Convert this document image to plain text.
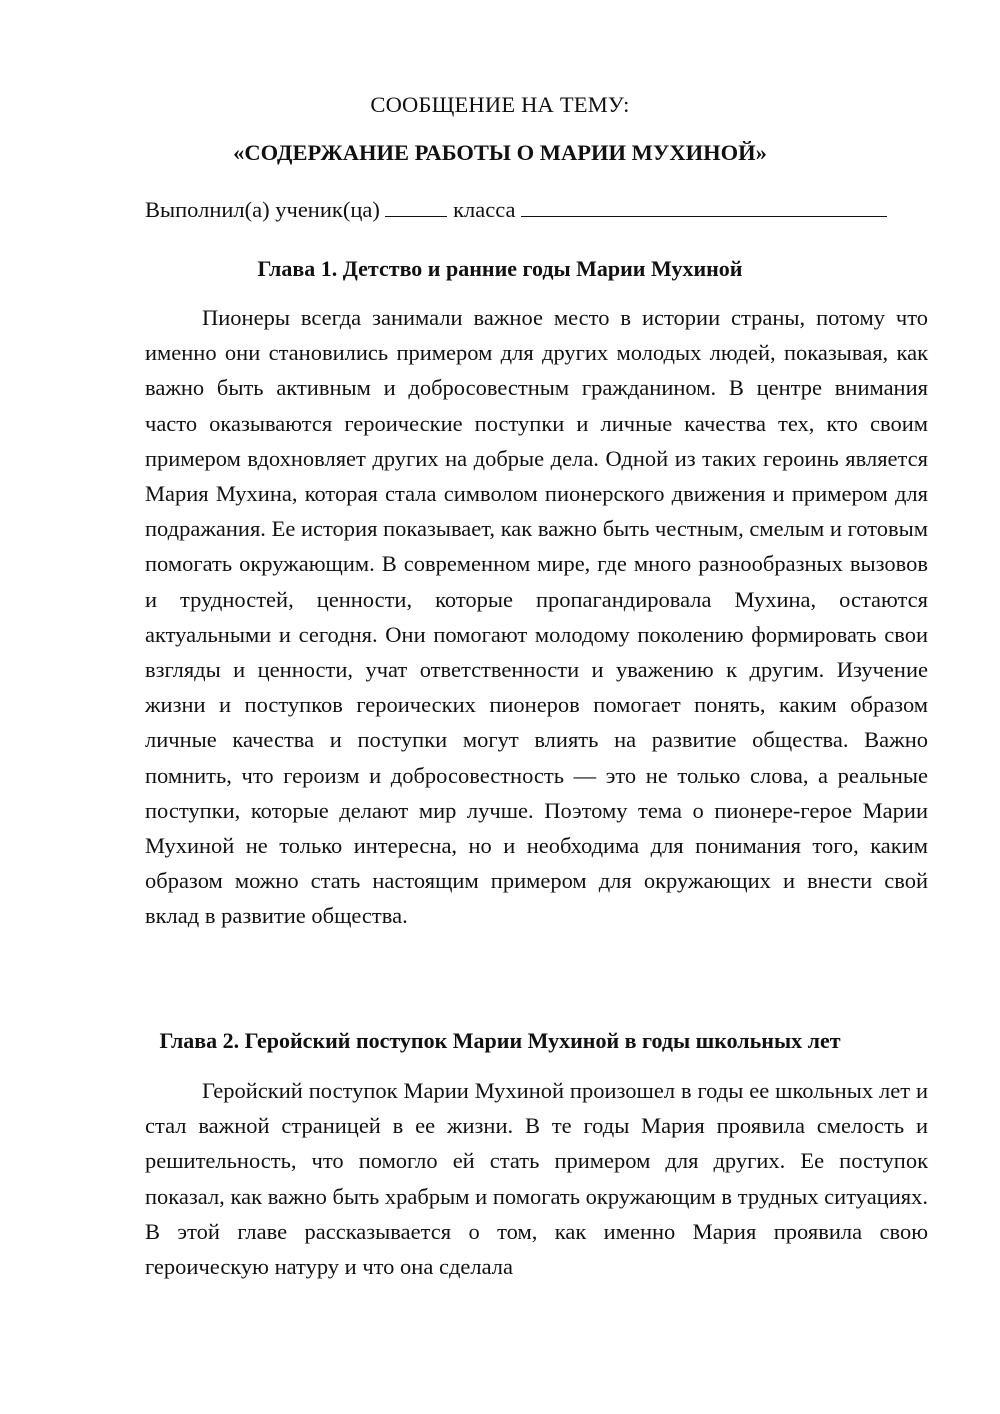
СООБЩЕНИЕ НА ТЕМУ:
«СОДЕРЖАНИЕ РАБОТЫ О МАРИИ МУХИНОЙ»
Выполнил(а) ученик(ца)	класса
Глава 1. Детство и ранние годы Марии Мухиной
Пионеры всегда занимали важное место в истории страны, потому что именно они становились примером для других молодых людей, показывая, как важно быть активным и добросовестным гражданином. В центре внимания часто оказываются героические поступки и личные качества тех, кто своим примером вдохновляет других на добрые дела. Одной из таких героинь является Мария Мухина, которая стала символом пионерского движения и примером для подражания. Ее история показывает, как важно быть честным, смелым и готовым помогать окружающим. В современном мире, где много разнообразных вызовов и трудностей, ценности, которые пропагандировала Мухина, остаются актуальными и сегодня. Они помогают молодому поколению формировать свои взгляды и ценности, учат ответственности и уважению к другим. Изучение жизни и поступков героических пионеров помогает понять, каким образом личные качества и поступки могут влиять на развитие общества. Важно помнить, что героизм и добросовестность — это не только слова, а реальные поступки, которые делают мир лучше. Поэтому тема о пионере-герое Марии Мухиной не только интересна, но и необходима для понимания того, каким образом можно стать настоящим примером для окружающих и внести свой вклад в развитие общества.
Глава 2. Геройский поступок Марии Мухиной в годы школьных лет
Геройский поступок Марии Мухиной произошел в годы ее школьных лет и стал важной страницей в ее жизни. В те годы Мария проявила смелость и решительность, что помогло ей стать примером для других. Ее поступок показал, как важно быть храбрым и помогать окружающим в трудных ситуациях. В этой главе рассказывается о том, как именно Мария проявила свою героическую натуру и что она сделала
